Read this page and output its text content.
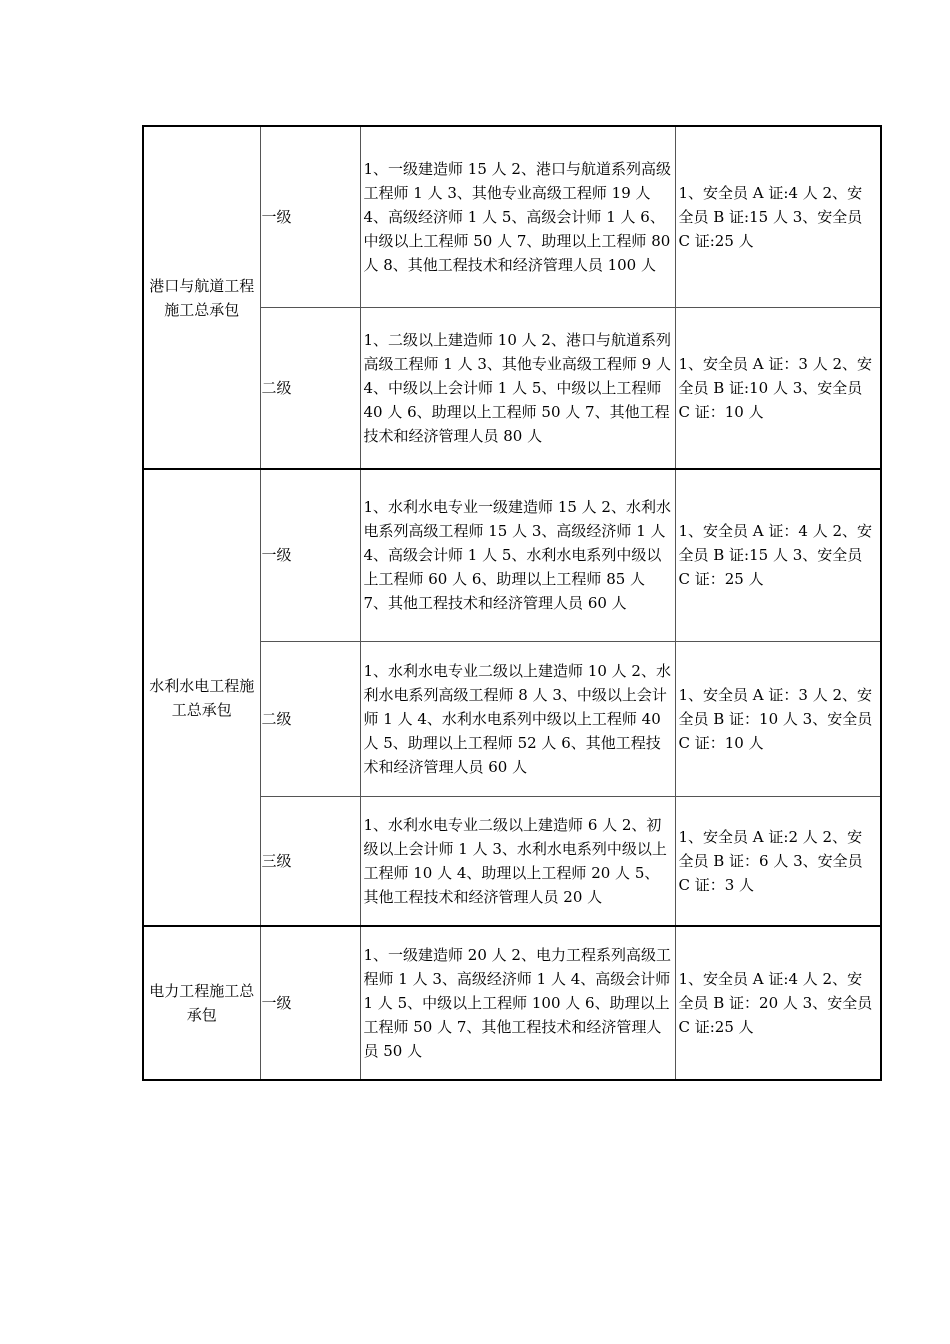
港口与航道工程施工总承包	一级	1、一级建造师 15 人 2、港口与航道系列高级工程师 1 人 3、其他专业高级工程师 19 人 4、高级经济师 1 人 5、高级会计师 1 人 6、中级以上工程师 50 人 7、助理以上工程师 80 人 8、其他工程技术和经济管理人员 100 人	1、安全员 A 证:4 人 2、安全员 B 证:15 人 3、安全员 C 证:25 人
	二级	1、二级以上建造师 10 人 2、港口与航道系列高级工程师 1 人 3、其他专业高级工程师 9 人 4、中级以上会计师 1 人 5、中级以上工程师 40 人 6、助理以上工程师 50 人 7、其他工程技术和经济管理人员 80 人	1、安全员 A 证：3 人 2、安全员 B 证:10 人 3、安全员 C 证：10 人
水利水电工程施工总承包	一级	1、水利水电专业一级建造师 15 人 2、水利水电系列高级工程师 15 人 3、高级经济师 1 人 4、高级会计师 1 人 5、水利水电系列中级以上工程师 60 人 6、助理以上工程师 85 人 7、其他工程技术和经济管理人员 60 人	1、安全员 A 证：4 人 2、安全员 B 证:15 人 3、安全员 C 证：25 人
	二级	1、水利水电专业二级以上建造师 10 人 2、水利水电系列高级工程师 8 人 3、中级以上会计师 1 人 4、水利水电系列中级以上工程师 40 人 5、助理以上工程师 52 人 6、其他工程技术和经济管理人员 60 人	1、安全员 A 证：3 人 2、安全员 B 证：10 人 3、安全员 C 证：10 人
	三级	1、水利水电专业二级以上建造师 6 人 2、初级以上会计师 1 人 3、水利水电系列中级以上工程师 10 人 4、助理以上工程师 20 人 5、其他工程技术和经济管理人员 20 人	1、安全员 A 证:2 人 2、安全员 B 证：6 人 3、安全员 C 证：3 人
电力工程施工总承包	一级	1、一级建造师 20 人 2、电力工程系列高级工程师 1 人 3、高级经济师 1 人 4、高级会计师 1 人 5、中级以上工程师 100 人 6、助理以上工程师 50 人 7、其他工程技术和经济管理人员 50 人	1、安全员 A 证:4 人 2、安全员 B 证：20 人 3、安全员 C 证:25 人
